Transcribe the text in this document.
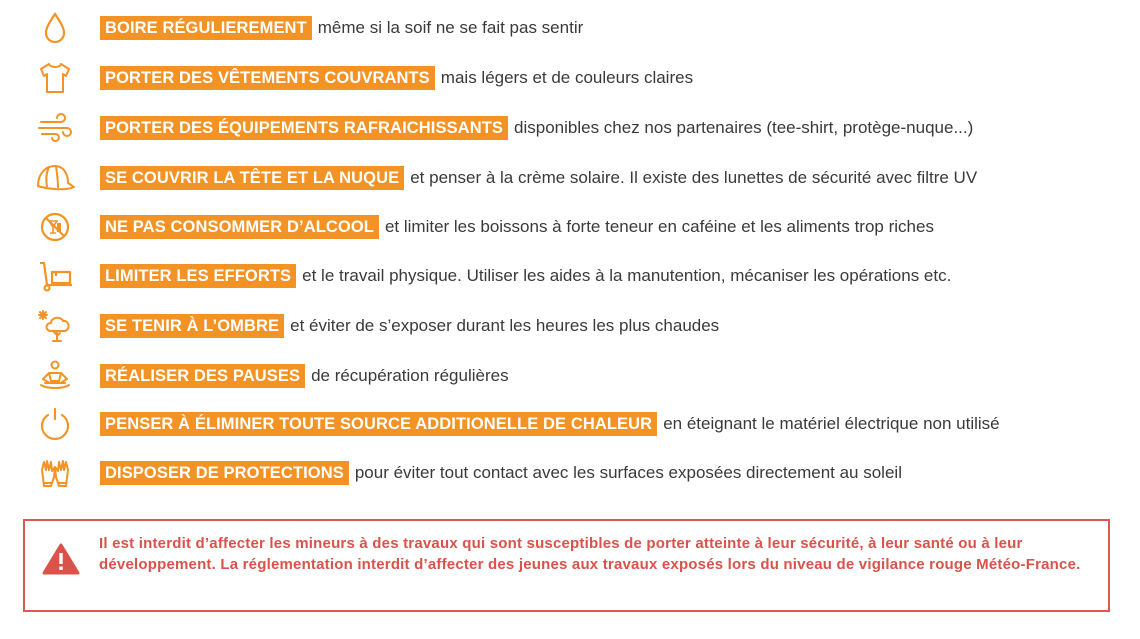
BOIRE RÉGULIEREMENT même si la soif ne se fait pas sentir
PORTER DES VÊTEMENTS COUVRANTS mais légers et de couleurs claires
PORTER DES ÉQUIPEMENTS RAFRAICHISSANTS disponibles chez nos partenaires (tee-shirt, protège-nuque...)
SE COUVRIR LA TÊTE ET LA NUQUE et penser à la crème solaire. Il existe des lunettes de sécurité avec filtre UV
NE PAS CONSOMMER D’ALCOOL et limiter les boissons à forte teneur en caféine et les aliments trop riches
LIMITER LES EFFORTS et le travail physique. Utiliser les aides à la manutention, mécaniser les opérations etc.
SE TENIR À L’OMBRE et éviter de s’exposer durant les heures les plus chaudes
RÉALISER DES PAUSES de récupération régulières
PENSER À ÉLIMINER TOUTE SOURCE ADDITIONELLE DE CHALEUR en éteignant le matériel électrique non utilisé
DISPOSER DE PROTECTIONS pour éviter tout contact avec les surfaces exposées directement au soleil
Il est interdit d’affecter les mineurs à des travaux qui sont susceptibles de porter atteinte à leur sécurité, à leur santé ou à leur développement. La réglementation interdit d’affecter des jeunes aux travaux exposés lors du niveau de vigilance rouge Météo-France.
